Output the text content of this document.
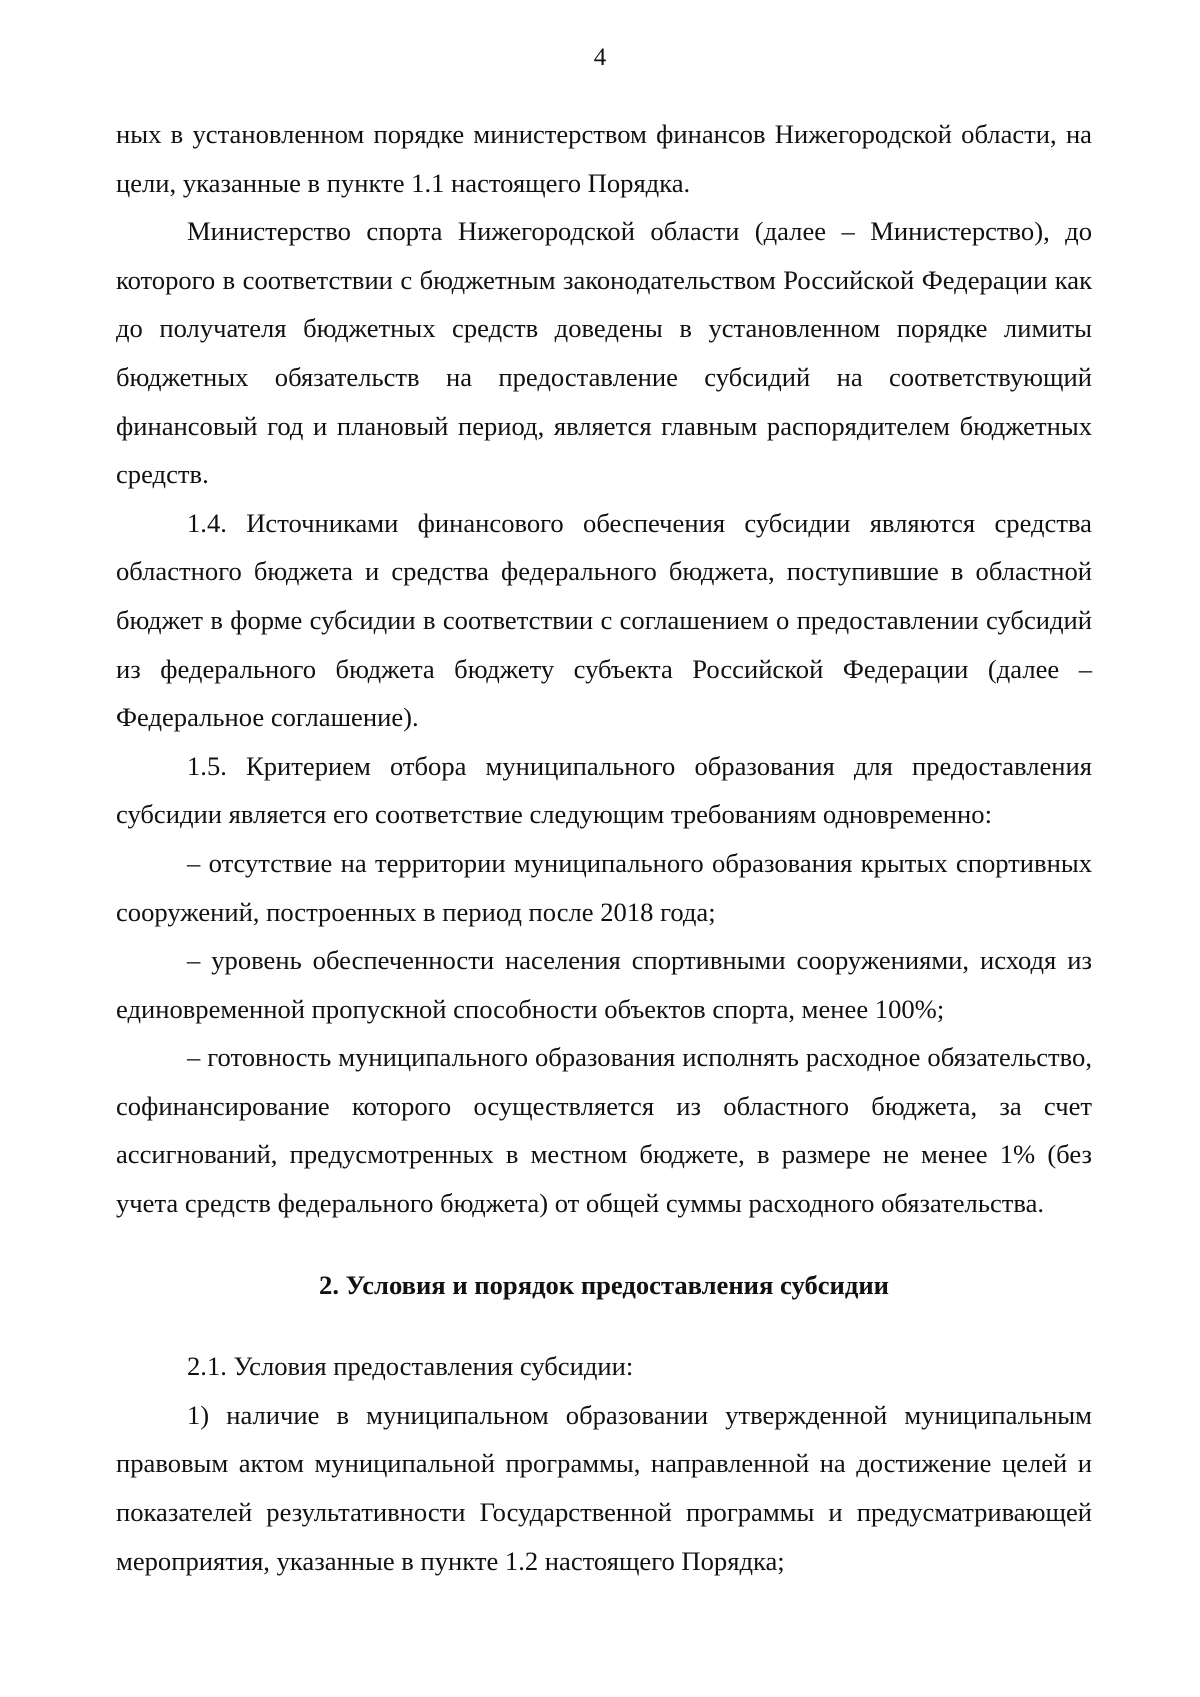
4

ных в установленном порядке министерством финансов Нижегородской области, на цели, указанные в пункте 1.1 настоящего Порядка.

Министерство спорта Нижегородской области (далее – Министерство), до которого в соответствии с бюджетным законодательством Российской Федерации как до получателя бюджетных средств доведены в установленном порядке лимиты бюджетных обязательств на предоставление субсидий на соответствующий финансовый год и плановый период, является главным распорядителем бюджетных средств.

1.4. Источниками финансового обеспечения субсидии являются средства областного бюджета и средства федерального бюджета, поступившие в областной бюджет в форме субсидии в соответствии с соглашением о предоставлении субсидий из федерального бюджета бюджету субъекта Российской Федерации (далее – Федеральное соглашение).

1.5. Критерием отбора муниципального образования для предоставления субсидии является его соответствие следующим требованиям одновременно:

– отсутствие на территории муниципального образования крытых спортивных сооружений, построенных в период после 2018 года;

– уровень обеспеченности населения спортивными сооружениями, исходя из единовременной пропускной способности объектов спорта, менее 100%;

– готовность муниципального образования исполнять расходное обязательство, софинансирование которого осуществляется из областного бюджета, за счет ассигнований, предусмотренных в местном бюджете, в размере не менее 1% (без учета средств федерального бюджета) от общей суммы расходного обязательства.

2. Условия и порядок предоставления субсидии

2.1. Условия предоставления субсидии:

1) наличие в муниципальном образовании утвержденной муниципальным правовым актом муниципальной программы, направленной на достижение целей и показателей результативности Государственной программы и предусматривающей мероприятия, указанные в пункте 1.2 настоящего Порядка;
